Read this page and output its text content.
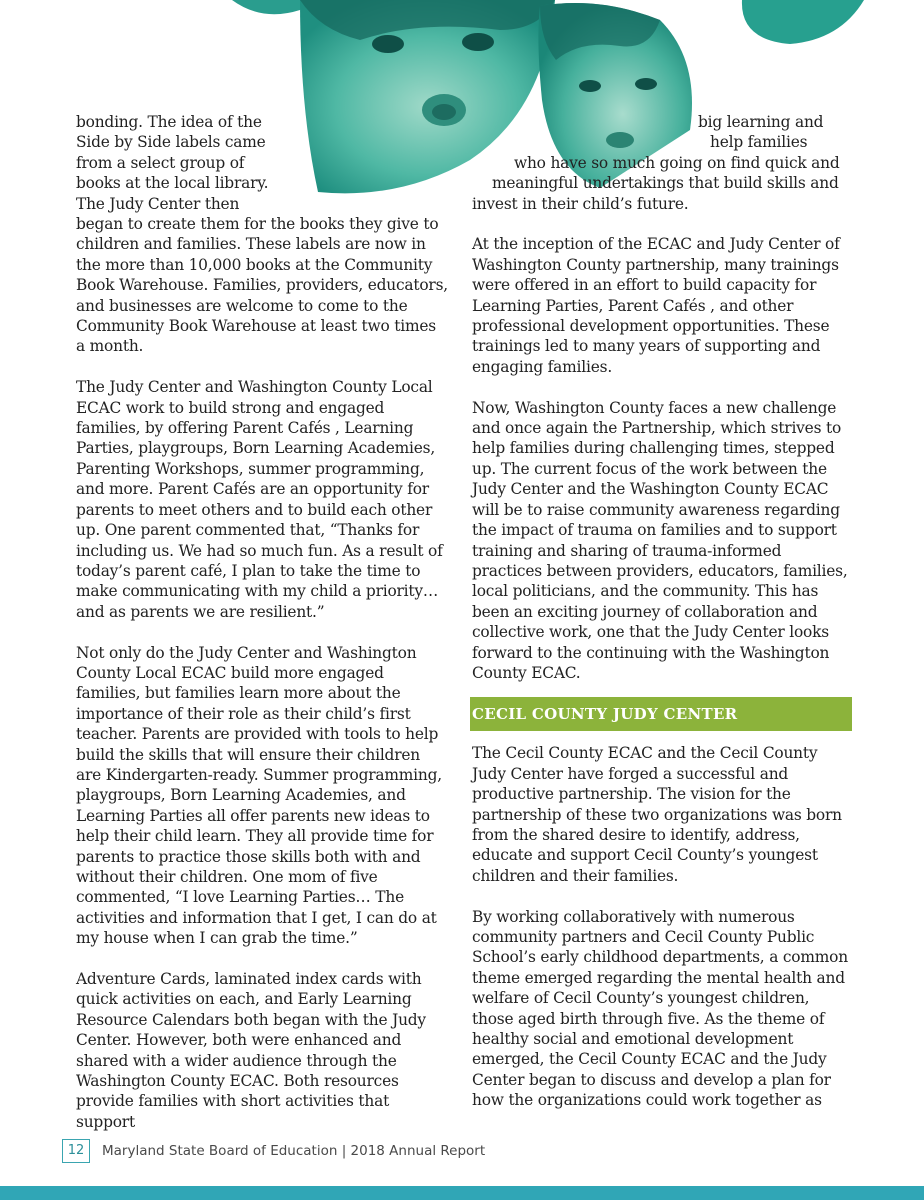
bonding. The idea of the
Side by Side labels came
from a select group of
books at the local library.
The Judy Center then

began to create them for the books they give to children and families. These labels are now in the more than 10,000 books at the Community Book Warehouse. Families, providers, educators, and businesses are welcome to come to the Community Book Warehouse at least two times a month.

The Judy Center and Washington County Local ECAC work to build strong and engaged families, by offering Parent Cafés , Learning Parties, playgroups, Born Learning Academies, Parenting Workshops, summer programming, and more. Parent Cafés are an opportunity for parents to meet others and to build each other up. One parent commented that, “Thanks for including us. We had so much fun. As a result of today’s parent café, I plan to take the time to make communicating with my child a priority… and as parents we are resilient.”

Not only do the Judy Center and Washington County Local ECAC build more engaged families, but families learn more about the importance of their role as their child’s first teacher. Parents are provided with tools to help build the skills that will ensure their children are Kindergarten-ready. Summer programming, playgroups, Born Learning Academies, and Learning Parties all offer parents new ideas to help their child learn. They all provide time for parents to practice those skills both with and without their children. One mom of five commented, “I love Learning Parties… The activities and information that I get, I can do at my house when I can grab the time.”

Adventure Cards, laminated index cards with quick activities on each, and Early Learning Resource Calendars both began with the Judy Center. However, both were enhanced and shared with a wider audience through the Washington County ECAC. Both resources provide families with short activities that support

big learning and
help families
who have so much going on find quick and
meaningful undertakings that build skills and
invest in their child’s future.

At the inception of the ECAC and Judy Center of Washington County partnership, many trainings were offered in an effort to build capacity for Learning Parties, Parent Cafés , and other professional development opportunities. These trainings led to many years of supporting and engaging families.

Now, Washington County faces a new challenge and once again the Partnership, which strives to help families during challenging times, stepped up. The current focus of the work between the Judy Center and the Washington County ECAC will be to raise community awareness regarding the impact of trauma on families and to support training and sharing of trauma-informed practices between providers, educators, families, local politicians, and the community. This has been an exciting journey of collaboration and collective work, one that the Judy Center looks forward to the continuing with the Washington County ECAC.

CECIL COUNTY JUDY CENTER

The Cecil County ECAC and the Cecil County Judy Center have forged a successful and productive partnership. The vision for the partnership of these two organizations was born from the shared desire to identify, address, educate and support Cecil County’s youngest children and their families.

By working collaboratively with numerous community partners and Cecil County Public School’s early childhood departments, a common theme emerged regarding the mental health and welfare of Cecil County’s youngest children, those aged birth through five. As the theme of healthy social and emotional development emerged, the Cecil County ECAC and the Judy Center began to discuss and develop a plan for how the organizations could work together as

12	Maryland State Board of Education | 2018 Annual Report
